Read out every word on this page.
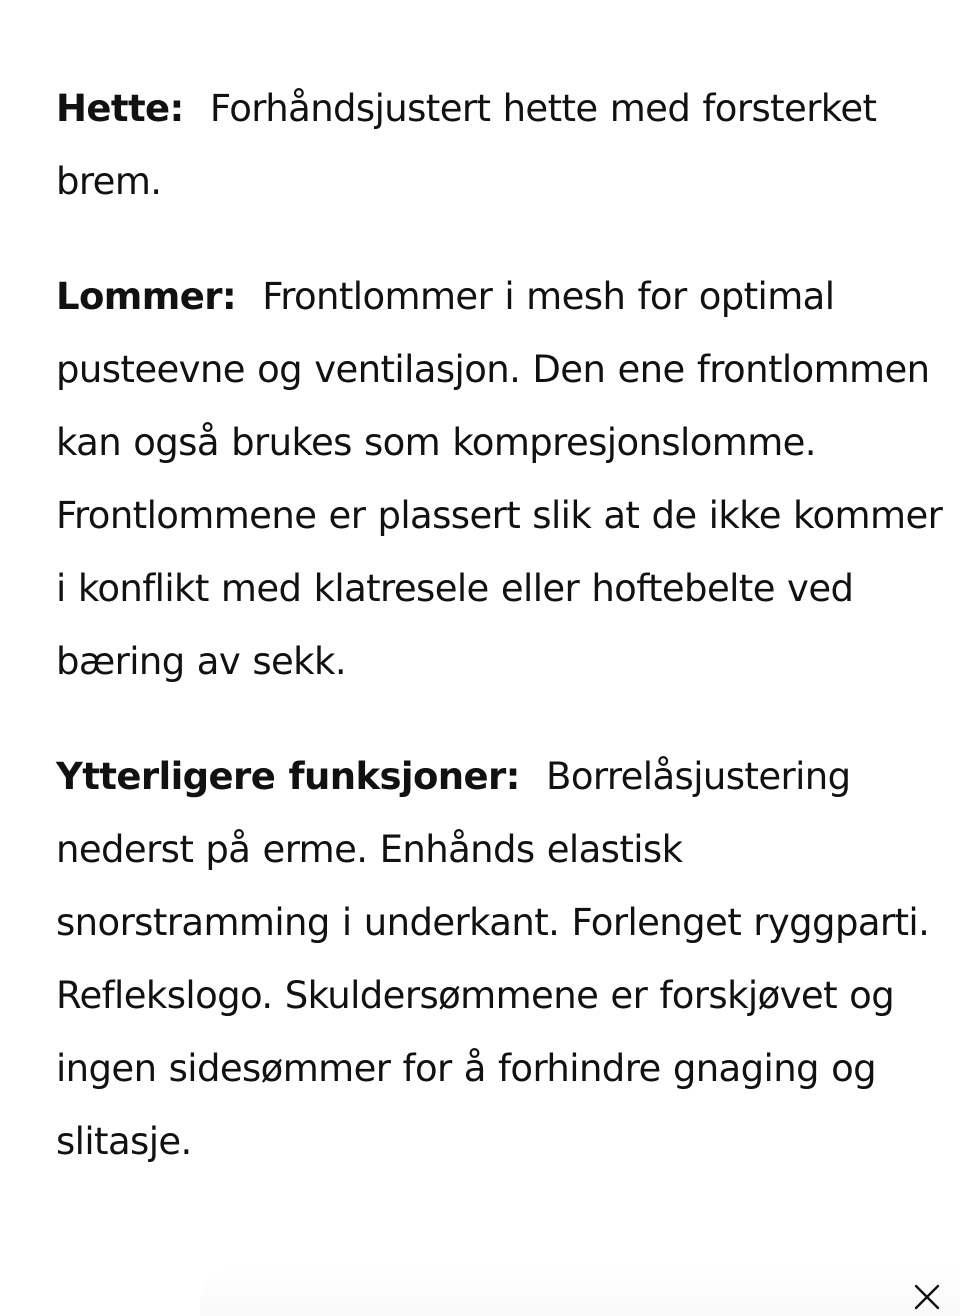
Hette: Forhåndsjustert hette med forsterket brem.

Lommer: Frontlommer i mesh for optimal pusteevne og ventilasjon. Den ene frontlommen kan også brukes som kompresjonslomme. Frontlommene er plassert slik at de ikke kommer i konflikt med klatresele eller hoftebelte ved bæring av sekk.

Ytterligere funksjoner: Borrelåsjustering nederst på erme. Enhånds elastisk snorstramming i underkant. Forlenget ryggparti. Reflekslogo. Skuldersømmene er forskjøvet og ingen sidesømmer for å forhindre gnaging og slitasje.
